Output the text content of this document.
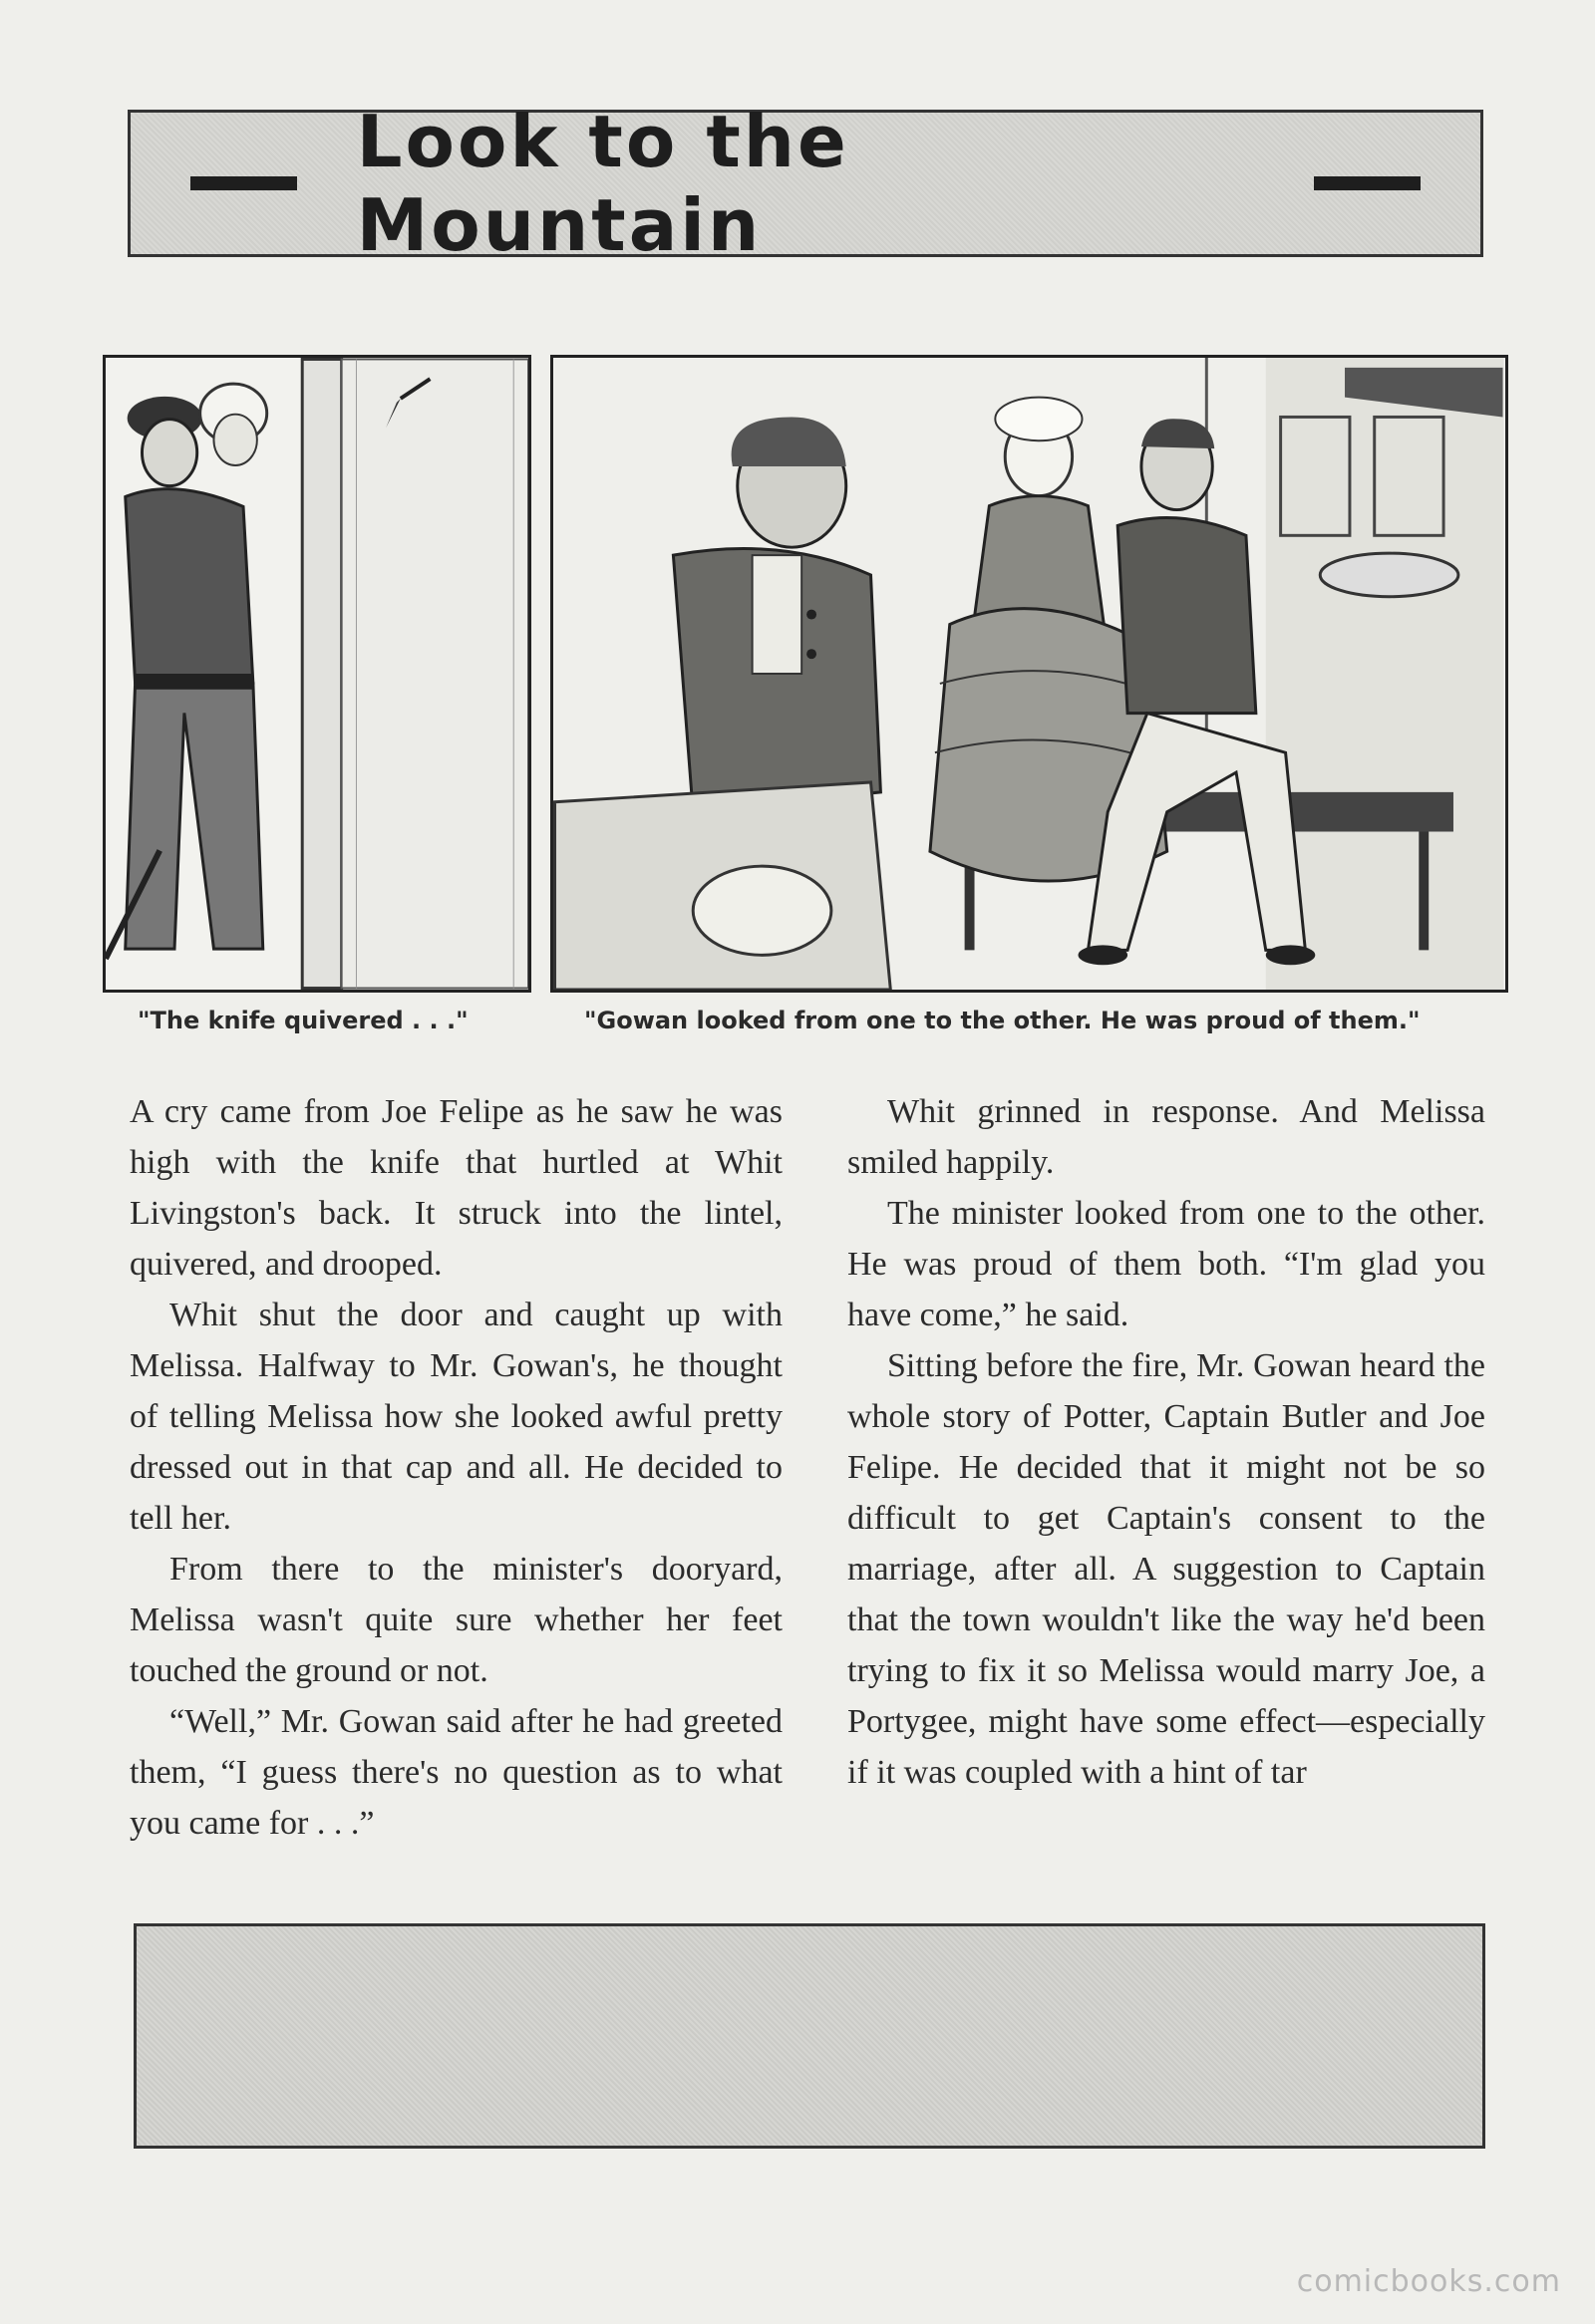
Look to the Mountain
"The knife quivered . . ."	"Gowan looked from one to the other. He was proud of them."

A cry came from Joe Felipe as he saw he was high with the knife that hurtled at Whit Livingston's back. It struck into the lintel, quivered, and drooped.

Whit shut the door and caught up with Melissa. Halfway to Mr. Gowan's, he thought of telling Melissa how she looked awful pretty dressed out in that cap and all. He decided to tell her.

From there to the minister's dooryard, Melissa wasn't quite sure whether her feet touched the ground or not.

“Well,” Mr. Gowan said after he had greeted them, “I guess there's no question as to what you came for . . .”

Whit grinned in response. And Melissa smiled happily.

The minister looked from one to the other. He was proud of them both. “I'm glad you have come,” he said.

Sitting before the fire, Mr. Gowan heard the whole story of Potter, Captain Butler and Joe Felipe. He decided that it might not be so difficult to get Captain's consent to the marriage, after all. A suggestion to Captain that the town wouldn't like the way he'd been trying to fix it so Melissa would marry Joe, a Portygee, might have some effect—especially if it was coupled with a hint of tar

comicbooks.com
